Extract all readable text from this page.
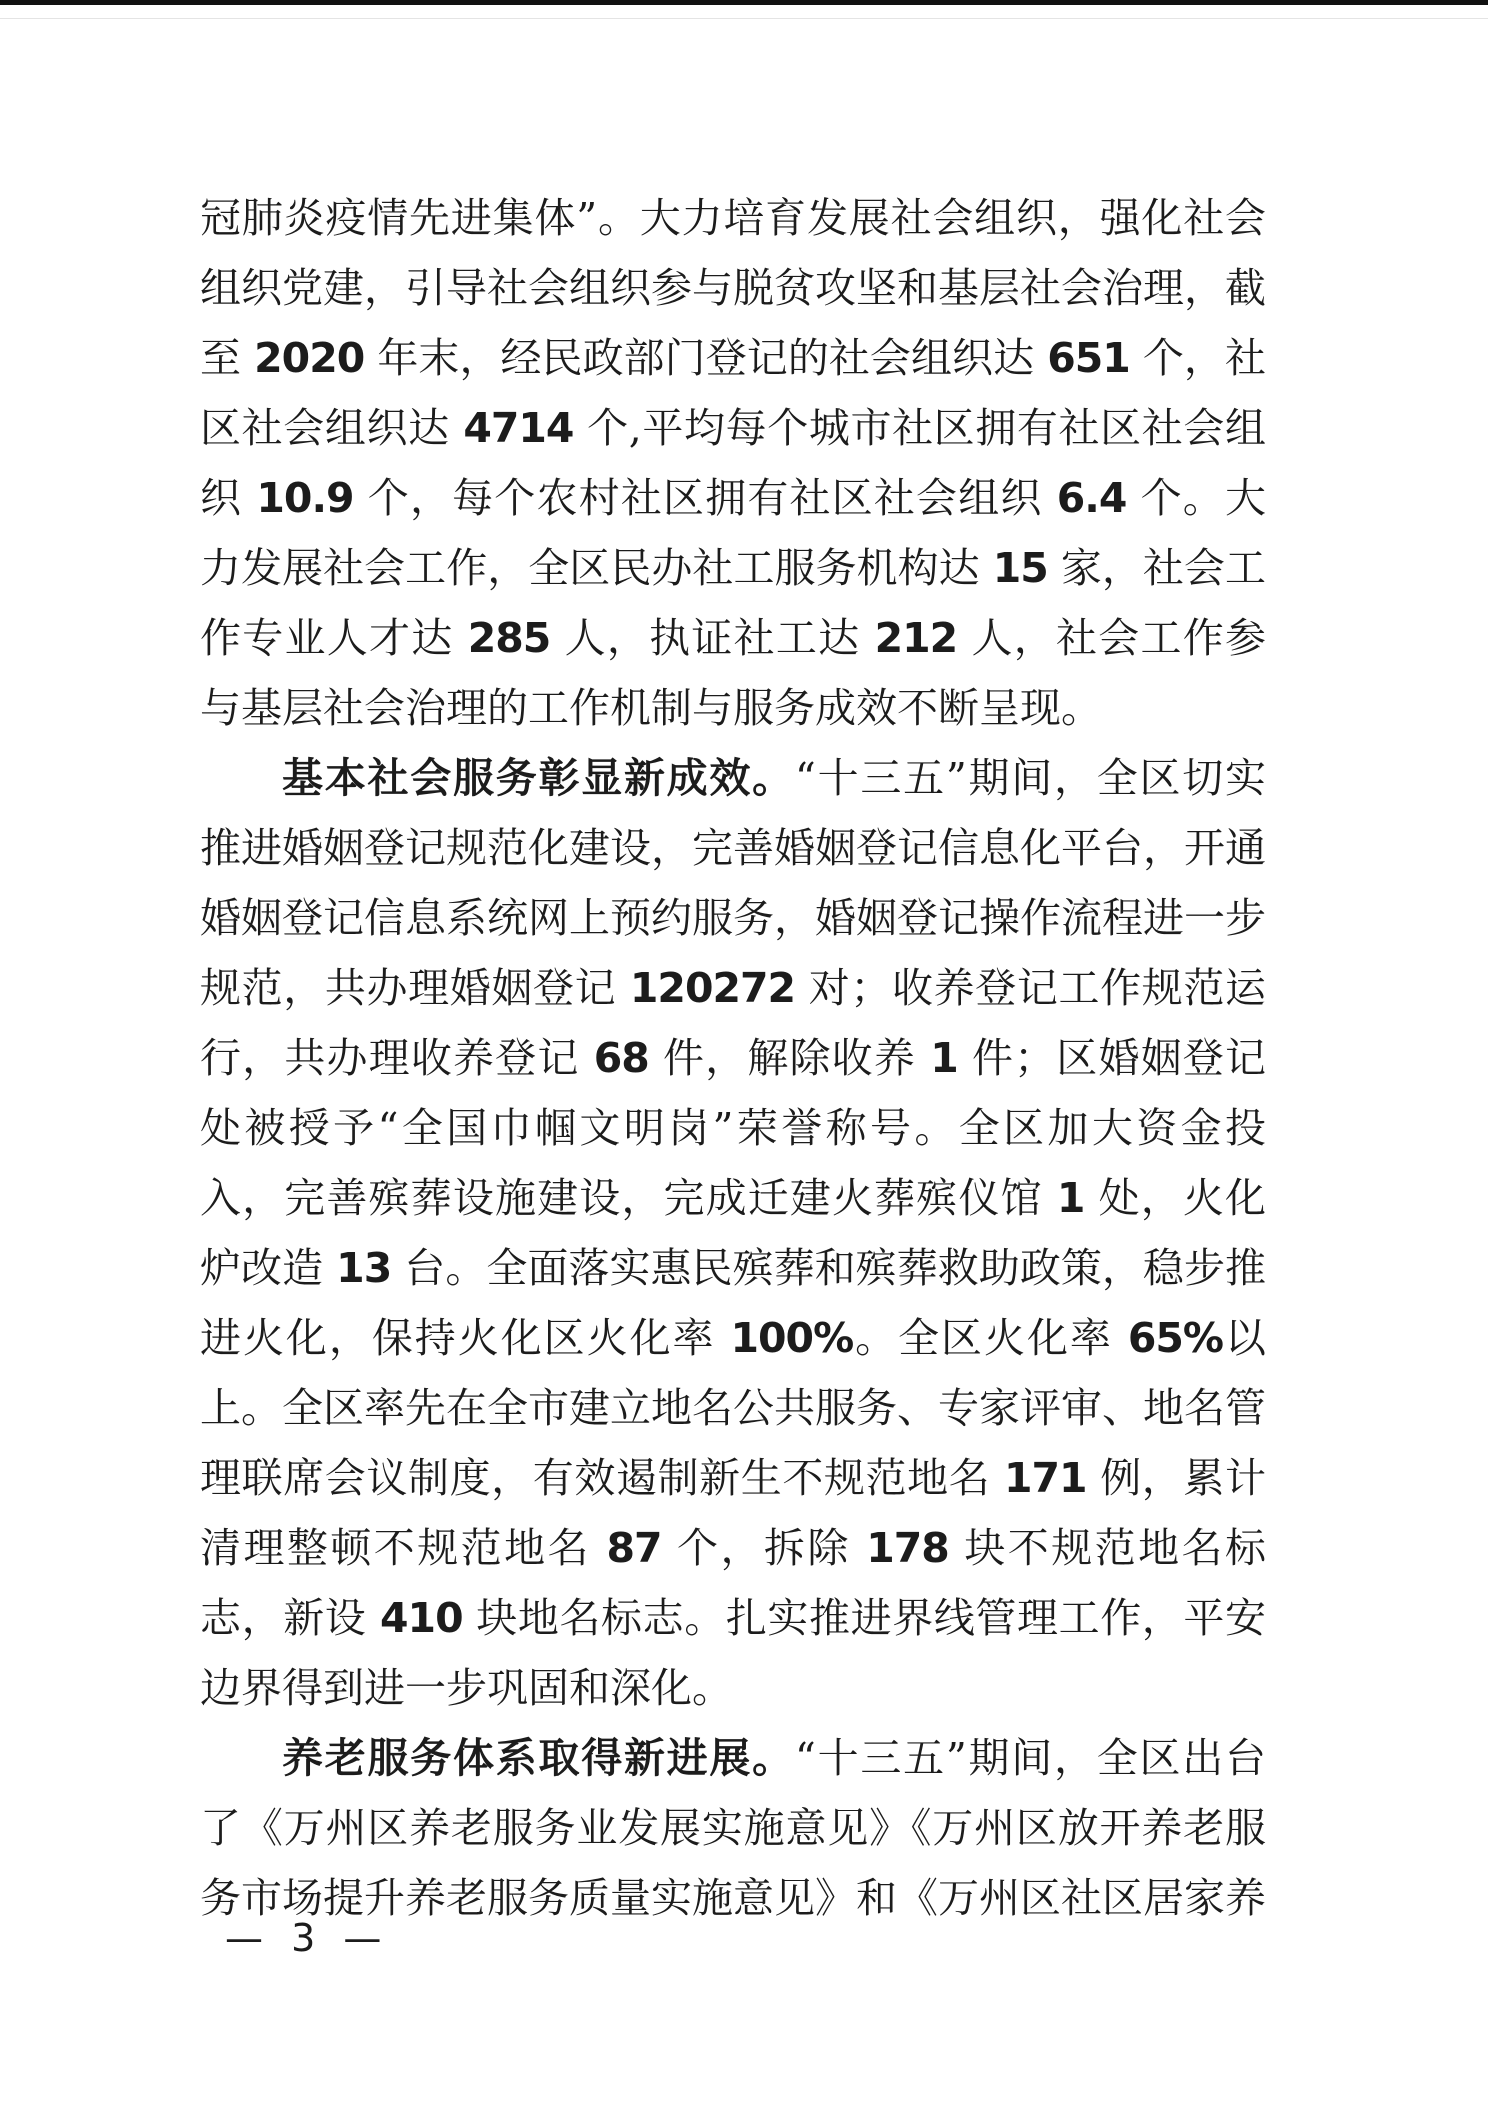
冠肺炎疫情先进集体”。大力培育发展社会组织，强化社会组织党建，引导社会组织参与脱贫攻坚和基层社会治理，截至 2020 年末，经民政部门登记的社会组织达 651 个，社区社会组织达 4714 个,平均每个城市社区拥有社区社会组织 10.9 个，每个农村社区拥有社区社会组织 6.4 个。大力发展社会工作，全区民办社工服务机构达 15 家，社会工作专业人才达 285 人，执证社工达 212 人，社会工作参与基层社会治理的工作机制与服务成效不断呈现。

基本社会服务彰显新成效。“十三五”期间，全区切实推进婚姻登记规范化建设，完善婚姻登记信息化平台，开通婚姻登记信息系统网上预约服务，婚姻登记操作流程进一步规范，共办理婚姻登记 120272 对；收养登记工作规范运行，共办理收养登记 68 件，解除收养 1 件；区婚姻登记处被授予“全国巾帼文明岗”荣誉称号。全区加大资金投入，完善殡葬设施建设，完成迁建火葬殡仪馆 1 处，火化炉改造 13 台。全面落实惠民殡葬和殡葬救助政策，稳步推进火化，保持火化区火化率 100%。全区火化率 65%以上。全区率先在全市建立地名公共服务、专家评审、地名管理联席会议制度，有效遏制新生不规范地名 171 例，累计清理整顿不规范地名 87 个，拆除 178 块不规范地名标志，新设 410 块地名标志。扎实推进界线管理工作，平安边界得到进一步巩固和深化。

养老服务体系取得新进展。“十三五”期间，全区出台了《万州区养老服务业发展实施意见》《万州区放开养老服务市场提升养老服务质量实施意见》和《万州区社区居家养

— 3 —
